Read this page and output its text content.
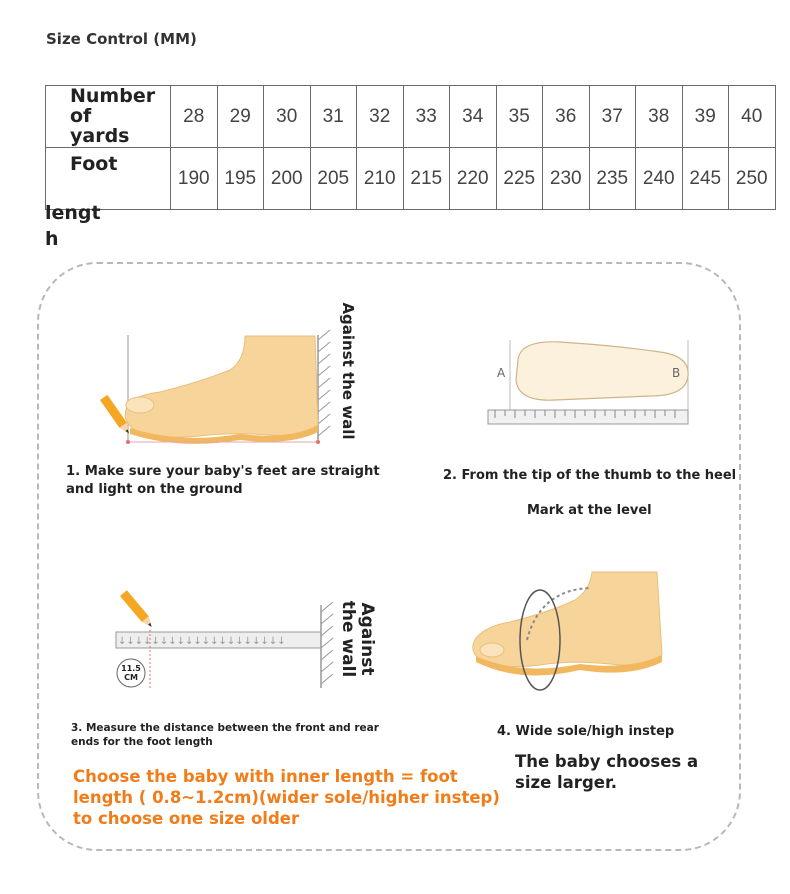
Size Control (MM)
Number of yards	28	29	30	31	32	33	34	35	36	37	38	39	40

Foot
lengt h	190	195	200	205	210	215	220	225	230	235	240	245	250
Against the wall
1. Make sure your baby's feet are straight and light on the ground
A	B
2. From the tip of the thumb to the heel
Mark at the level
↓↓↓↓↓↓↓↓↓↓↓↓↓↓↓↓↓↓↓↓
11.5 CM
Against the wall
3. Measure the distance between the front and rear ends for the foot length
4. Wide sole/high instep
Choose the baby with inner length = foot length ( 0.8~1.2cm)(wider sole/higher instep) to choose one size older
The baby chooses a size larger.
